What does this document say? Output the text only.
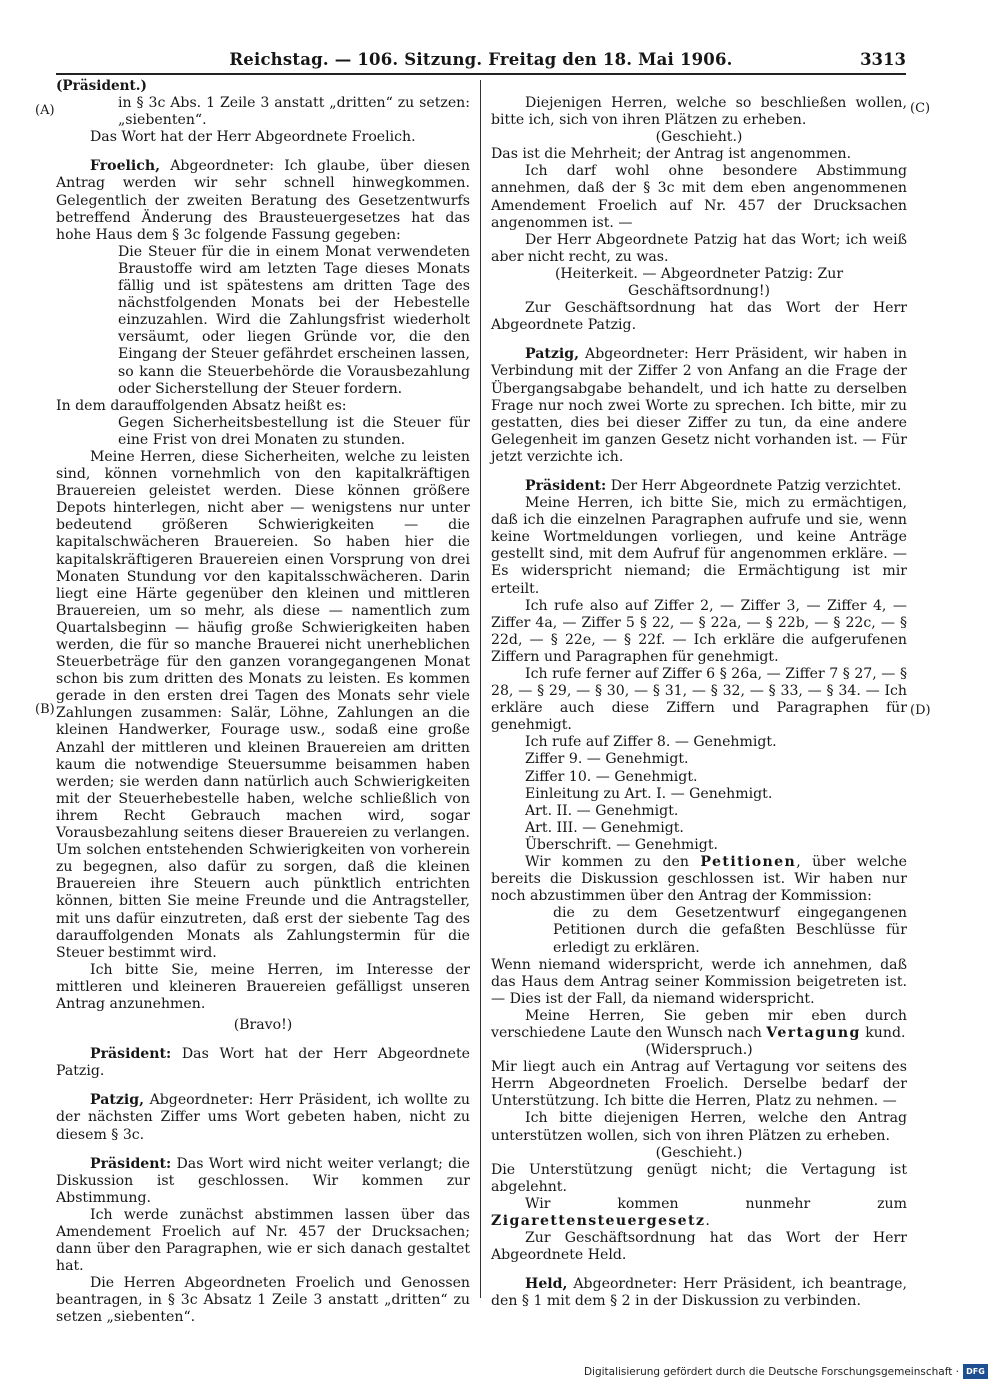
Reichstag. — 106. Sitzung. Freitag den 18. Mai 1906.	3313
(A)
(B)
(C)
(D)

(Präsident.)

in § 3c Abs. 1 Zeile 3 anstatt „dritten“ zu setzen: „siebenten“.

Das Wort hat der Herr Abgeordnete Froelich.

Froelich, Abgeordneter: Ich glaube, über diesen Antrag werden wir sehr schnell hinwegkommen. Gelegentlich der zweiten Beratung des Gesetzentwurfs betreffend Änderung des Brausteuergesetzes hat das hohe Haus dem § 3c folgende Fassung gegeben:

Die Steuer für die in einem Monat verwendeten Braustoffe wird am letzten Tage dieses Monats fällig und ist spätestens am dritten Tage des nächstfolgenden Monats bei der Hebestelle einzuzahlen. Wird die Zahlungsfrist wiederholt versäumt, oder liegen Gründe vor, die den Eingang der Steuer gefährdet erscheinen lassen, so kann die Steuerbehörde die Vorausbezahlung oder Sicherstellung der Steuer fordern.

In dem darauffolgenden Absatz heißt es:

Gegen Sicherheitsbestellung ist die Steuer für eine Frist von drei Monaten zu stunden.

Meine Herren, diese Sicherheiten, welche zu leisten sind, können vornehmlich von den kapitalkräftigen Brauereien geleistet werden. Diese können größere Depots hinterlegen, nicht aber — wenigstens nur unter bedeutend größeren Schwierigkeiten — die kapitalschwächeren Brauereien. So haben hier die kapitalskräftigeren Brauereien einen Vorsprung von drei Monaten Stundung vor den kapitalsschwächeren. Darin liegt eine Härte gegenüber den kleinen und mittleren Brauereien, um so mehr, als diese — namentlich zum Quartalsbeginn — häufig große Schwierigkeiten haben werden, die für so manche Brauerei nicht unerheblichen Steuerbeträge für den ganzen vorangegangenen Monat schon bis zum dritten des Monats zu leisten. Es kommen gerade in den ersten drei Tagen des Monats sehr viele Zahlungen zusammen: Salär, Löhne, Zahlungen an die kleinen Handwerker, Fourage usw., sodaß eine große Anzahl der mittleren und kleinen Brauereien am dritten kaum die notwendige Steuersumme beisammen haben werden; sie werden dann natürlich auch Schwierigkeiten mit der Steuerhebestelle haben, welche schließlich von ihrem Recht Gebrauch machen wird, sogar Vorausbezahlung seitens dieser Brauereien zu verlangen. Um solchen entstehenden Schwierigkeiten von vorherein zu begegnen, also dafür zu sorgen, daß die kleinen Brauereien ihre Steuern auch pünktlich entrichten können, bitten Sie meine Freunde und die Antragsteller, mit uns dafür einzutreten, daß erst der siebente Tag des darauffolgenden Monats als Zahlungstermin für die Steuer bestimmt wird.

Ich bitte Sie, meine Herren, im Interesse der mittleren und kleineren Brauereien gefälligst unseren Antrag anzunehmen.

(Bravo!)

Präsident: Das Wort hat der Herr Abgeordnete Patzig.

Patzig, Abgeordneter: Herr Präsident, ich wollte zu der nächsten Ziffer ums Wort gebeten haben, nicht zu diesem § 3c.

Präsident: Das Wort wird nicht weiter verlangt; die Diskussion ist geschlossen. Wir kommen zur Abstimmung.

Ich werde zunächst abstimmen lassen über das Amendement Froelich auf Nr. 457 der Drucksachen; dann über den Paragraphen, wie er sich danach gestaltet hat.

Die Herren Abgeordneten Froelich und Genossen beantragen, in § 3c Absatz 1 Zeile 3 anstatt „dritten“ zu setzen „siebenten“.

Diejenigen Herren, welche so beschließen wollen, bitte ich, sich von ihren Plätzen zu erheben.

(Geschieht.)

Das ist die Mehrheit; der Antrag ist angenommen.

Ich darf wohl ohne besondere Abstimmung annehmen, daß der § 3c mit dem eben angenommenen Amendement Froelich auf Nr. 457 der Drucksachen angenommen ist. —

Der Herr Abgeordnete Patzig hat das Wort; ich weiß aber nicht recht, zu was.

(Heiterkeit. — Abgeordneter Patzig: Zur Geschäftsordnung!)

Zur Geschäftsordnung hat das Wort der Herr Abgeordnete Patzig.

Patzig, Abgeordneter: Herr Präsident, wir haben in Verbindung mit der Ziffer 2 von Anfang an die Frage der Übergangsabgabe behandelt, und ich hatte zu derselben Frage nur noch zwei Worte zu sprechen. Ich bitte, mir zu gestatten, dies bei dieser Ziffer zu tun, da eine andere Gelegenheit im ganzen Gesetz nicht vorhanden ist. — Für jetzt verzichte ich.

Präsident: Der Herr Abgeordnete Patzig verzichtet.

Meine Herren, ich bitte Sie, mich zu ermächtigen, daß ich die einzelnen Paragraphen aufrufe und sie, wenn keine Wortmeldungen vorliegen, und keine Anträge gestellt sind, mit dem Aufruf für angenommen erkläre. — Es widerspricht niemand; die Ermächtigung ist mir erteilt.

Ich rufe also auf Ziffer 2, — Ziffer 3, — Ziffer 4, — Ziffer 4a, — Ziffer 5 § 22, — § 22a, — § 22b, — § 22c, — § 22d, — § 22e, — § 22f. — Ich erkläre die aufgerufenen Ziffern und Paragraphen für genehmigt.

Ich rufe ferner auf Ziffer 6 § 26a, — Ziffer 7 § 27, — § 28, — § 29, — § 30, — § 31, — § 32, — § 33, — § 34. — Ich erkläre auch diese Ziffern und Paragraphen für genehmigt.

Ich rufe auf Ziffer 8. — Genehmigt.

Ziffer 9. — Genehmigt.

Ziffer 10. — Genehmigt.

Einleitung zu Art. I. — Genehmigt.

Art. II. — Genehmigt.

Art. III. — Genehmigt.

Überschrift. — Genehmigt.

Wir kommen zu den Petitionen, über welche bereits die Diskussion geschlossen ist. Wir haben nur noch abzustimmen über den Antrag der Kommission:

die zu dem Gesetzentwurf eingegangenen Petitionen durch die gefaßten Beschlüsse für erledigt zu erklären.

Wenn niemand widerspricht, werde ich annehmen, daß das Haus dem Antrag seiner Kommission beigetreten ist. — Dies ist der Fall, da niemand widerspricht.

Meine Herren, Sie geben mir eben durch verschiedene Laute den Wunsch nach Vertagung kund.

(Widerspruch.)

Mir liegt auch ein Antrag auf Vertagung vor seitens des Herrn Abgeordneten Froelich. Derselbe bedarf der Unterstützung. Ich bitte die Herren, Platz zu nehmen. —

Ich bitte diejenigen Herren, welche den Antrag unterstützen wollen, sich von ihren Plätzen zu erheben.

(Geschieht.)

Die Unterstützung genügt nicht; die Vertagung ist abgelehnt.

Wir kommen nunmehr zum Zigarettensteuergesetz.

Zur Geschäftsordnung hat das Wort der Herr Abgeordnete Held.

Held, Abgeordneter: Herr Präsident, ich beantrage, den § 1 mit dem § 2 in der Diskussion zu verbinden.

Digitalisierung gefördert durch die Deutsche Forschungsgemeinschaft · DFG
